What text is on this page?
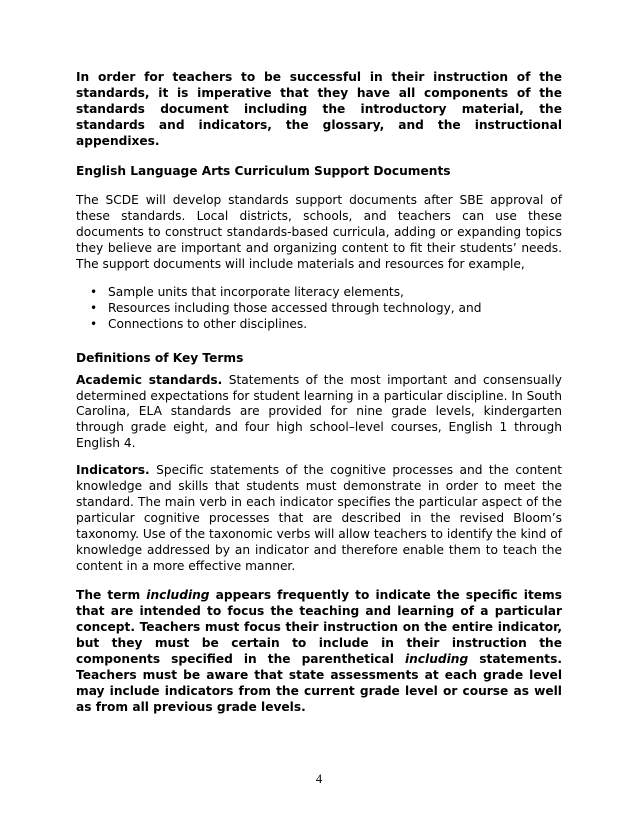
In order for teachers to be successful in their instruction of the standards, it is imperative that they have all components of the standards document including the introductory material, the standards and indicators, the glossary, and the instructional appendixes.

English Language Arts Curriculum Support Documents

The SCDE will develop standards support documents after SBE approval of these standards. Local districts, schools, and teachers can use these documents to construct standards-based curricula, adding or expanding topics they believe are important and organizing content to fit their students’ needs. The support documents will include materials and resources for example,

• Sample units that incorporate literacy elements,
• Resources including those accessed through technology, and
• Connections to other disciplines.

Definitions of Key Terms

Academic standards. Statements of the most important and consensually determined expectations for student learning in a particular discipline. In South Carolina, ELA standards are provided for nine grade levels, kindergarten through grade eight, and four high school–level courses, English 1 through English 4.

Indicators. Specific statements of the cognitive processes and the content knowledge and skills that students must demonstrate in order to meet the standard. The main verb in each indicator specifies the particular aspect of the particular cognitive processes that are described in the revised Bloom’s taxonomy. Use of the taxonomic verbs will allow teachers to identify the kind of knowledge addressed by an indicator and therefore enable them to teach the content in a more effective manner.

The term including appears frequently to indicate the specific items that are intended to focus the teaching and learning of a particular concept. Teachers must focus their instruction on the entire indicator, but they must be certain to include in their instruction the components specified in the parenthetical including statements. Teachers must be aware that state assessments at each grade level may include indicators from the current grade level or course as well as from all previous grade levels.

4
